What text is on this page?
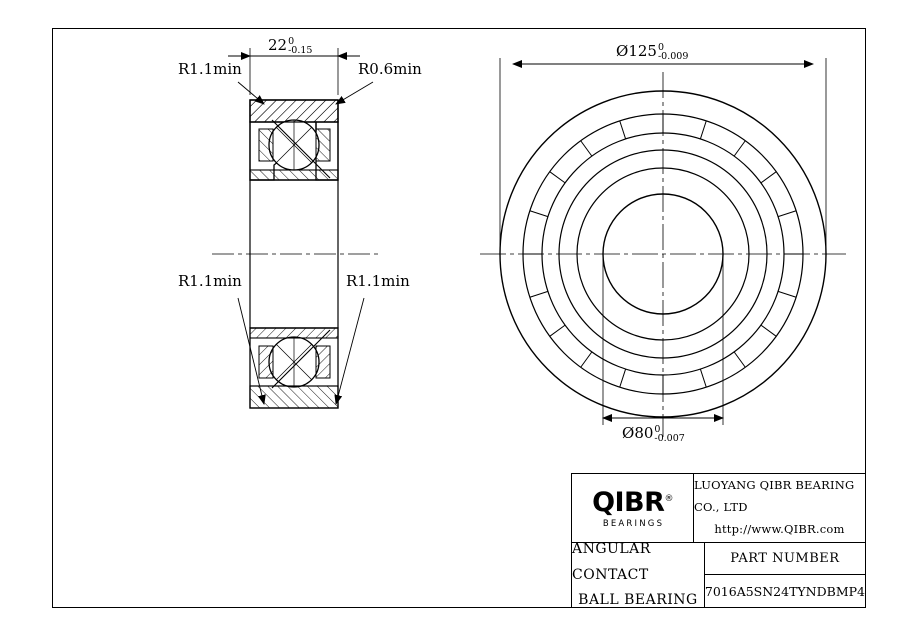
R1.1min
22 0
-0.15
R0.6min
R1.1min	R1.1min
Ø125 0
-0.009
Ø80 0
-0.007
QIBR®
BEARINGS
LUOYANG QIBR BEARING CO., LTD
http://www.QIBR.com
ANGULAR CONTACT
BALL BEARING
PART NUMBER
7016A5SN24TYNDBMP4
